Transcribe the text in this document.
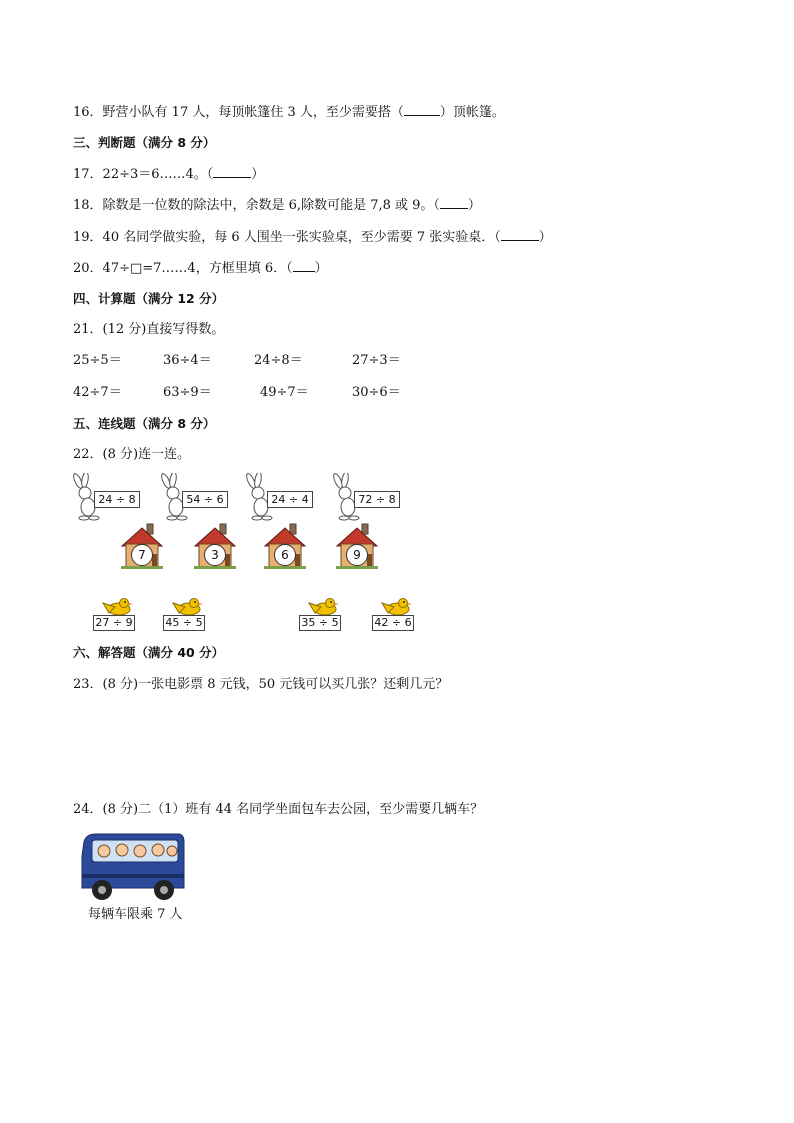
16．野营小队有 17 人，每顶帐篷住 3 人，至少需要搭（	）顶帐篷。
三、判断题（满分 8 分）
17．22÷3＝6……4。（	）
18．除数是一位数的除法中，余数是 6,除数可能是 7,8 或 9。（ ）
19．40 名同学做实验，每 6 人围坐一张实验桌，至少需要 7 张实验桌．（	）
20．47÷□=7……4，方框里填 6．（ ）
四、计算题（满分 12 分）
21．(12 分)直接写得数。
25÷5＝	36÷4＝	24÷8＝	27÷3＝
42÷7＝	63÷9＝	49÷7＝	30÷6＝
五、连线题（满分 8 分）
22．(8 分)连一连。
24 ÷ 8	54 ÷ 6	24 ÷ 4	72 ÷ 8
7	3	6	9
27 ÷ 9	45 ÷ 5	35 ÷ 5	42 ÷ 6
六、解答题（满分 40 分）
23．(8 分)一张电影票 8 元钱，50 元钱可以买几张？还剩几元？
24．(8 分)二（1）班有 44 名同学坐面包车去公园，至少需要几辆车？
每辆车限乘 7 人
